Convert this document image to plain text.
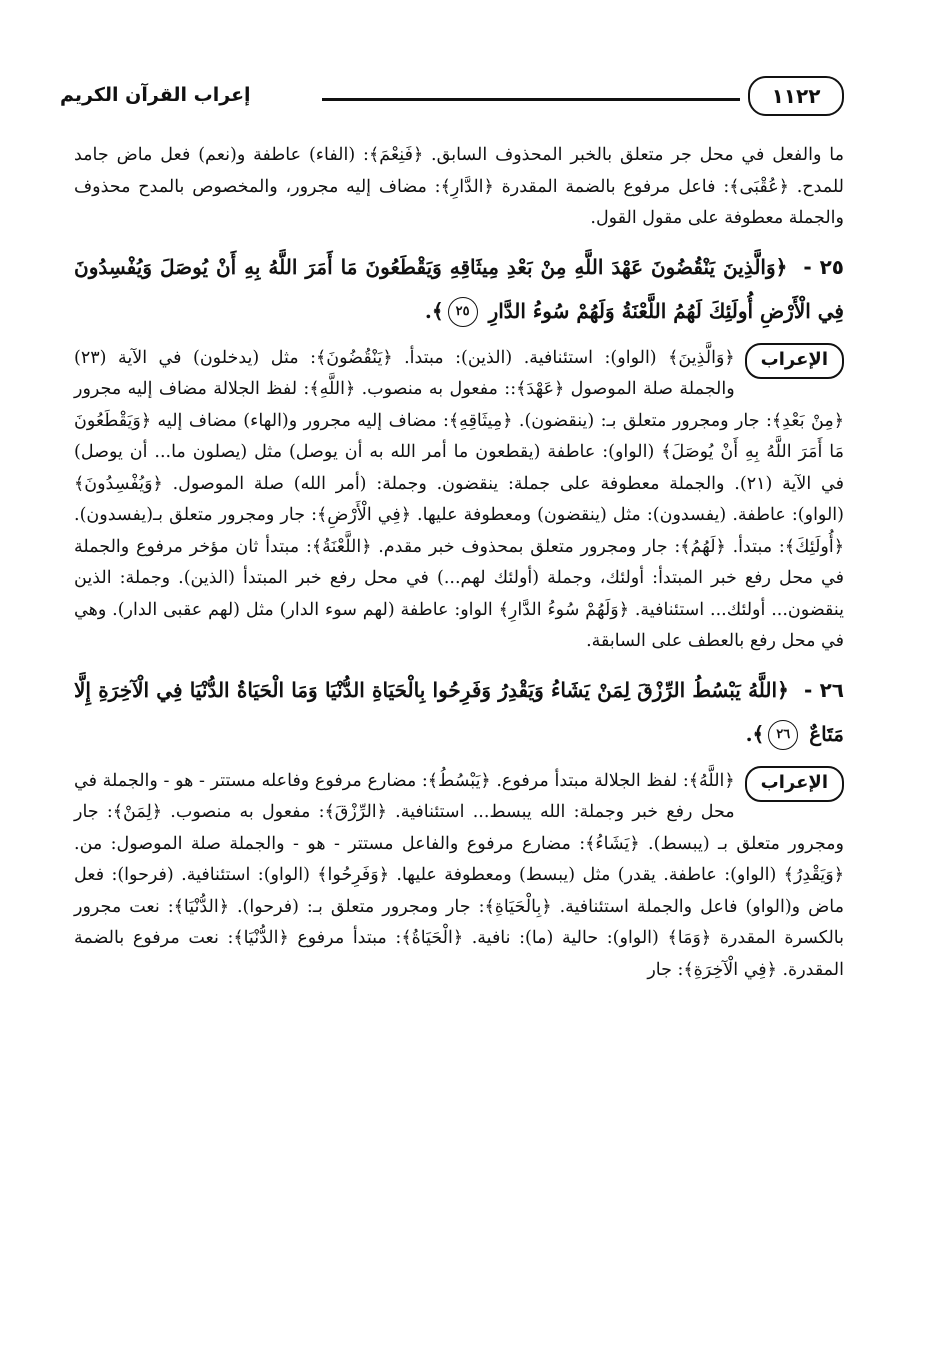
إعراب القرآن الكريم	١١٢٢

ما والفعل في محل جر متعلق بالخبر المحذوف السابق. ﴿فَنِعْمَ﴾: (الفاء) عاطفة و(نعم) فعل ماض جامد للمدح. ﴿عُقْبَى﴾: فاعل مرفوع بالضمة المقدرة ﴿الدَّارِ﴾: مضاف إليه مجرور، والمخصوص بالمدح محذوف والجملة معطوفة على مقول القول.

٢٥ - ﴿وَالَّذِينَ يَنْقُضُونَ عَهْدَ اللَّهِ مِنْ بَعْدِ مِيثَاقِهِ وَيَقْطَعُونَ مَا أَمَرَ اللَّهُ بِهِ أَنْ يُوصَلَ وَيُفْسِدُونَ فِي الْأَرْضِ أُولَئِكَ لَهُمُ اللَّعْنَةُ وَلَهُمْ سُوءُ الدَّارِ ٢٥﴾.

الإعراب
﴿وَالَّذِينَ﴾ (الواو): استئنافية. (الذين): مبتدأ. ﴿يَنْقُضُونَ﴾: مثل (يدخلون) في الآية (٢٣) والجملة صلة الموصول ﴿عَهْدَ﴾:: مفعول به منصوب. ﴿اللَّهِ﴾: لفظ الجلالة مضاف إليه مجرور ﴿مِنْ بَعْدِ﴾: جار ومجرور متعلق بـ: (ينقضون). ﴿مِيثَاقِهِ﴾: مضاف إليه مجرور و(الهاء) مضاف إليه ﴿وَيَقْطَعُونَ مَا أَمَرَ اللَّهُ بِهِ أَنْ يُوصَلَ﴾ (الواو): عاطفة (يقطعون ما أمر الله به أن يوصل) مثل (يصلون ما... أن يوصل) في الآية (٢١). والجملة معطوفة على جملة: ينقضون. وجملة: (أمر الله) صلة الموصول. ﴿وَيُفْسِدُونَ﴾ (الواو): عاطفة. (يفسدون): مثل (ينقضون) ومعطوفة عليها. ﴿فِي الْأَرْضِ﴾: جار ومجرور متعلق بـ(يفسدون). ﴿أُولَئِكَ﴾: مبتدأ. ﴿لَهُمُ﴾: جار ومجرور متعلق بمحذوف خبر مقدم. ﴿اللَّعْنَةُ﴾: مبتدأ ثان مؤخر مرفوع والجملة في محل رفع خبر المبتدأ: أولئك، وجملة (أولئك لهم...) في محل رفع خبر المبتدأ (الذين). وجملة: الذين ينقضون... أولئك... استئنافية. ﴿وَلَهُمْ سُوءُ الدَّارِ﴾ الواو: عاطفة (لهم سوء الدار) مثل (لهم عقبى الدار). وهي في محل رفع بالعطف على السابقة.

٢٦ - ﴿اللَّهُ يَبْسُطُ الرِّزْقَ لِمَنْ يَشَاءُ وَيَقْدِرُ وَفَرِحُوا بِالْحَيَاةِ الدُّنْيَا وَمَا الْحَيَاةُ الدُّنْيَا فِي الْآخِرَةِ إِلَّا مَتَاعٌ ٢٦﴾.

الإعراب
﴿اللَّهُ﴾: لفظ الجلالة مبتدأ مرفوع. ﴿يَبْسُطُ﴾: مضارع مرفوع وفاعله مستتر - هو - والجملة في محل رفع خبر وجملة: الله يبسط... استئنافية. ﴿الرِّزْقَ﴾: مفعول به منصوب. ﴿لِمَنْ﴾: جار ومجرور متعلق بـ (يبسط). ﴿يَشَاءُ﴾: مضارع مرفوع والفاعل مستتر - هو - والجملة صلة الموصول: من. ﴿وَيَقْدِرُ﴾ (الواو): عاطفة. يقدر) مثل (يبسط) ومعطوفة عليها. ﴿وَفَرِحُوا﴾ (الواو): استئنافية. (فرحوا): فعل ماض و(الواو) فاعل والجملة استئنافية. ﴿بِالْحَيَاةِ﴾: جار ومجرور متعلق بـ: (فرحوا). ﴿الدُّنْيَا﴾: نعت مجرور بالكسرة المقدرة ﴿وَمَا﴾ (الواو): حالية (ما): نافية. ﴿الْحَيَاةُ﴾: مبتدأ مرفوع ﴿الدُّنْيَا﴾: نعت مرفوع بالضمة المقدرة. ﴿فِي الْآخِرَةِ﴾: جار
